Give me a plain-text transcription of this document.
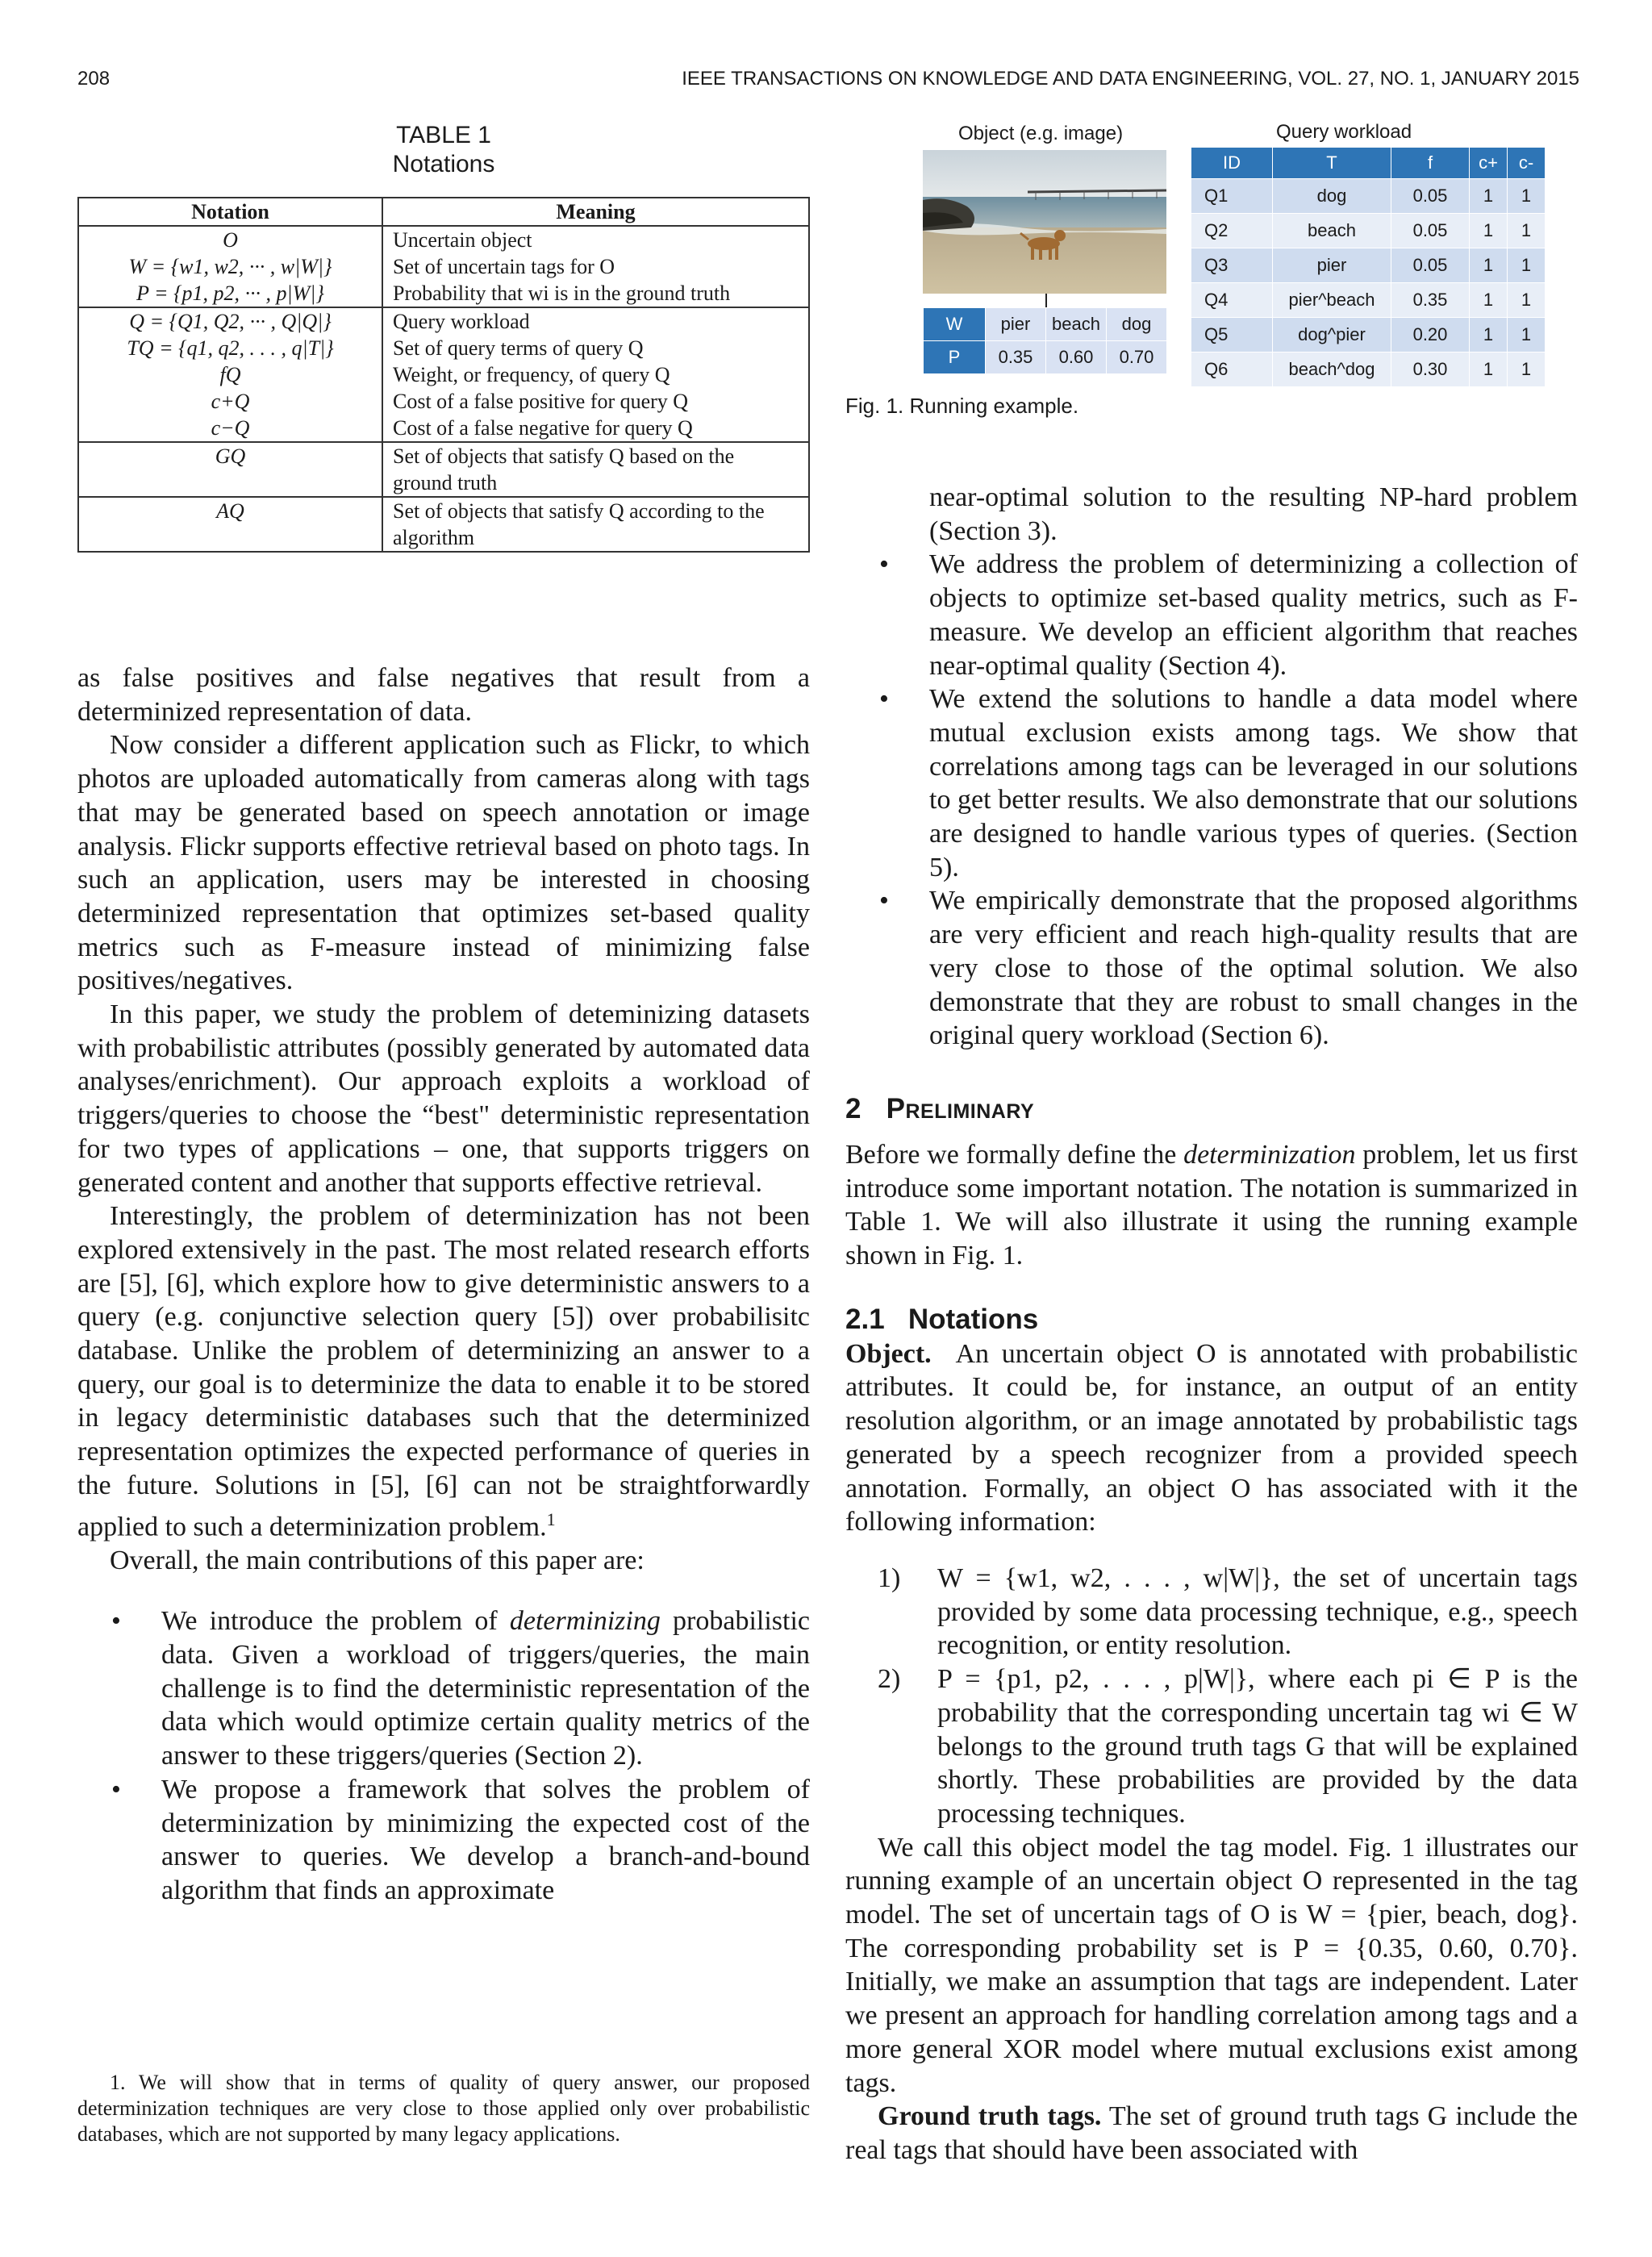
208	IEEE TRANSACTIONS ON KNOWLEDGE AND DATA ENGINEERING, VOL. 27, NO. 1, JANUARY 2015
TABLE 1
Notations
Notation	Meaning
O	Uncertain object
W = {w1, w2, ··· , w|W|}	Set of uncertain tags for O
P = {p1, p2, ··· , p|W|}	Probability that wi is in the ground truth
Q = {Q1, Q2, ··· , Q|Q|}	Query workload
TQ = {q1, q2, . . . , q|T|}	Set of query terms of query Q
fQ	Weight, or frequency, of query Q
c+Q	Cost of a false positive for query Q
c−Q	Cost of a false negative for query Q
GQ	Set of objects that satisfy Q based on the ground truth
AQ	Set of objects that satisfy Q according to the algorithm

as false positives and false negatives that result from a determinized representation of data.

Now consider a different application such as Flickr, to which photos are uploaded automatically from cameras along with tags that may be generated based on speech annotation or image analysis. Flickr supports effective retrieval based on photo tags. In such an application, users may be interested in choosing determinized representation that optimizes set-based quality metrics such as F-measure instead of minimizing false positives/negatives.

In this paper, we study the problem of deteminizing datasets with probabilistic attributes (possibly generated by automated data analyses/enrichment). Our approach exploits a workload of triggers/queries to choose the “best" deterministic representation for two types of applications – one, that supports triggers on generated content and another that supports effective retrieval.

Interestingly, the problem of determinization has not been explored extensively in the past. The most related research efforts are [5], [6], which explore how to give deterministic answers to a query (e.g. conjunctive selection query [5]) over probabilisitc database. Unlike the problem of determinizing an answer to a query, our goal is to determinize the data to enable it to be stored in legacy deterministic databases such that the determinized representation optimizes the expected performance of queries in the future. Solutions in [5], [6] can not be straightforwardly applied to such a determinization problem.$^1$

Overall, the main contributions of this paper are:

• We introduce the problem of determinizing probabilistic data. Given a workload of triggers/queries, the main challenge is to find the deterministic representation of the data which would optimize certain quality metrics of the answer to these triggers/queries (Section 2).
• We propose a framework that solves the problem of determinization by minimizing the expected cost of the answer to queries. We develop a branch-and-bound algorithm that finds an approximate

1. We will show that in terms of quality of query answer, our proposed determinization techniques are very close to those applied only over probabilistic databases, which are not supported by many legacy applications.

Object (e.g. image)	Query workload
W	pier	beach	dog
P	0.35	0.60	0.70
ID	T	f	c+	c-
Q1	dog	0.05	1	1
Q2	beach	0.05	1	1
Q3	pier	0.05	1	1
Q4	pier^beach	0.35	1	1
Q5	dog^pier	0.20	1	1
Q6	beach^dog	0.30	1	1
Fig. 1. Running example.
near-optimal solution to the resulting NP-hard problem (Section 3).
• We address the problem of determinizing a collection of objects to optimize set-based quality metrics, such as F-measure. We develop an efficient algorithm that reaches near-optimal quality (Section 4).
• We extend the solutions to handle a data model where mutual exclusion exists among tags. We show that correlations among tags can be leveraged in our solutions to get better results. We also demonstrate that our solutions are designed to handle various types of queries. (Section 5).
• We empirically demonstrate that the proposed algorithms are very efficient and reach high-quality results that are very close to those of the optimal solution. We also demonstrate that they are robust to small changes in the original query workload (Section 6).
2 Preliminary

Before we formally define the determinization problem, let us first introduce some important notation. The notation is summarized in Table 1. We will also illustrate it using the running example shown in Fig. 1.

2.1   Notations

Object. An uncertain object O is annotated with probabilistic attributes. It could be, for instance, an output of an entity resolution algorithm, or an image annotated by probabilistic tags generated by a speech recognizer from a provided speech annotation. Formally, an object O has associated with it the following information:

1) W = {w1, w2, . . . , w|W|}, the set of uncertain tags provided by some data processing technique, e.g., speech recognition, or entity resolution.
2) P = {p1, p2, . . . , p|W|}, where each pi ∈ P is the probability that the corresponding uncertain tag wi ∈ W belongs to the ground truth tags G that will be explained shortly. These probabilities are provided by the data processing techniques.

We call this object model the tag model. Fig. 1 illustrates our running example of an uncertain object O represented in the tag model. The set of uncertain tags of O is W = {pier, beach, dog}. The corresponding probability set is P = {0.35, 0.60, 0.70}. Initially, we make an assumption that tags are independent. Later we present an approach for handling correlation among tags and a more general XOR model where mutual exclusions exist among tags.

Ground truth tags. The set of ground truth tags G include the real tags that should have been associated with
